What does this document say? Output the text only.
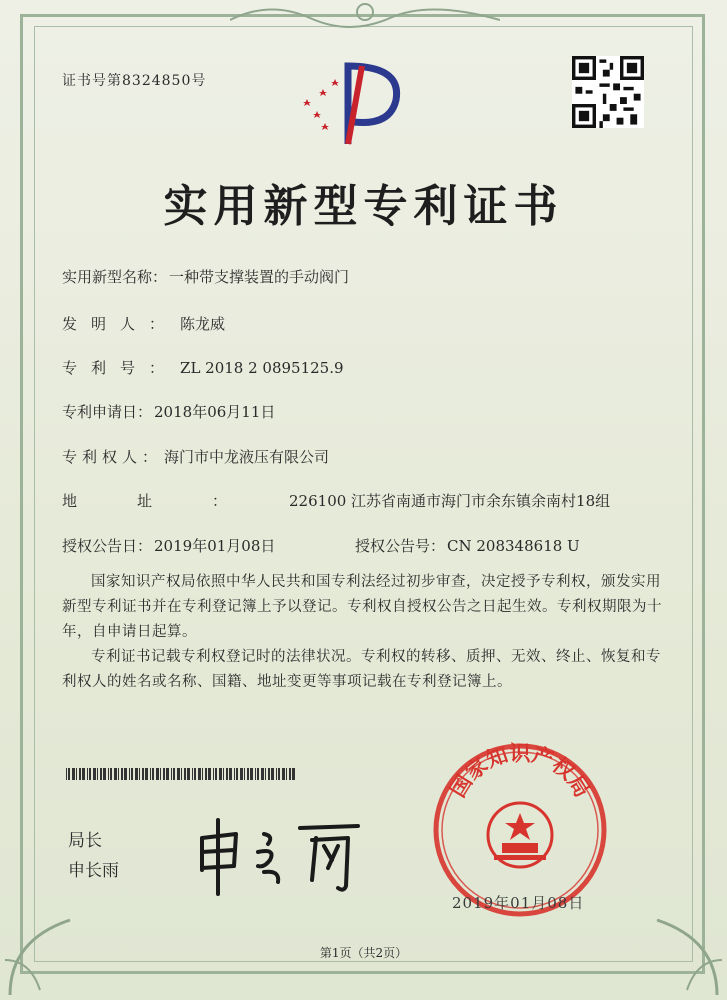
证书号第8324850号
实用新型专利证书
实用新型名称： 一种带支撑装置的手动阀门
发明人： 陈龙威
专利号： ZL 2018 2 0895125.9
专利申请日： 2018年06月11日
专利权人： 海门市中龙液压有限公司
地址： 226100 江苏省南通市海门市余东镇余南村18组
授权公告日： 2019年01月08日	授权公告号： CN 208348618 U
国家知识产权局依照中华人民共和国专利法经过初步审查，决定授予专利权，颁发实用新型专利证书并在专利登记簿上予以登记。专利权自授权公告之日起生效。专利权期限为十年，自申请日起算。
专利证书记载专利权登记时的法律状况。专利权的转移、质押、无效、终止、恢复和专利权人的姓名或名称、国籍、地址变更等事项记载在专利登记簿上。
局长
申长雨
国家知识产权局
2019年01月08日
第1页（共2页）
